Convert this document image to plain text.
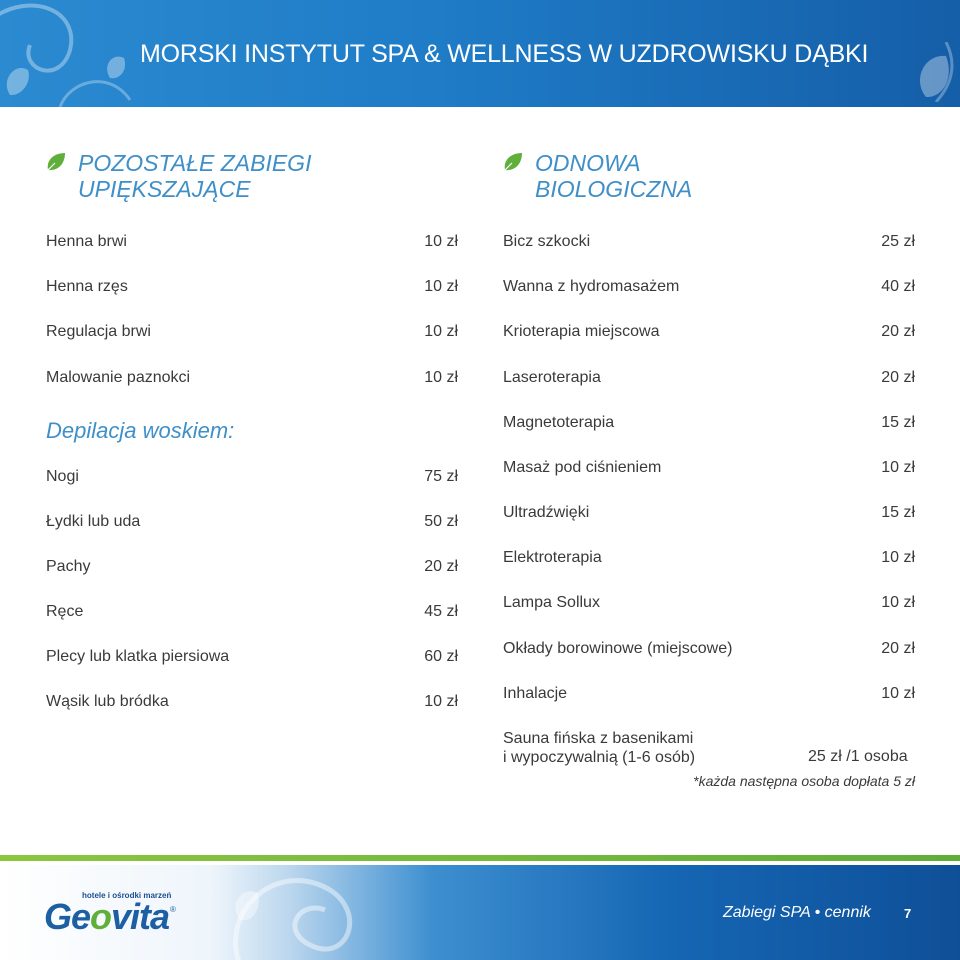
MORSKI INSTYTUT SPA & WELLNESS W UZDROWISKU DĄBKI
POZOSTAŁE ZABIEGI UPIĘKSZAJĄCE
ODNOWA BIOLOGICZNA
Henna brwi	10 zł
Henna rzęs	10 zł
Regulacja brwi	10 zł
Malowanie paznokci	10 zł
Depilacja woskiem:
Nogi	75 zł
Łydki lub uda	50 zł
Pachy	20 zł
Ręce	45 zł
Plecy lub klatka piersiowa	60 zł
Wąsik lub bródka	10 zł
Bicz szkocki	25 zł
Wanna z hydromasażem	40 zł
Krioterapia miejscowa	20 zł
Laseroterapia	20 zł
Magnetoterapia	15 zł
Masaż pod ciśnieniem	10 zł
Ultradźwięki	15 zł
Elektroterapia	10 zł
Lampa Sollux	10 zł
Okłady borowinowe (miejscowe)	20 zł
Inhalacje	10 zł
Sauna fińska z basenikami
i wypoczywalnią (1-6 osób)	25 zł /1 osoba
*każda następna osoba dopłata 5 zł
hotele i ośrodki marzeń
Geovita ®	Zabiegi SPA • cennik	7
